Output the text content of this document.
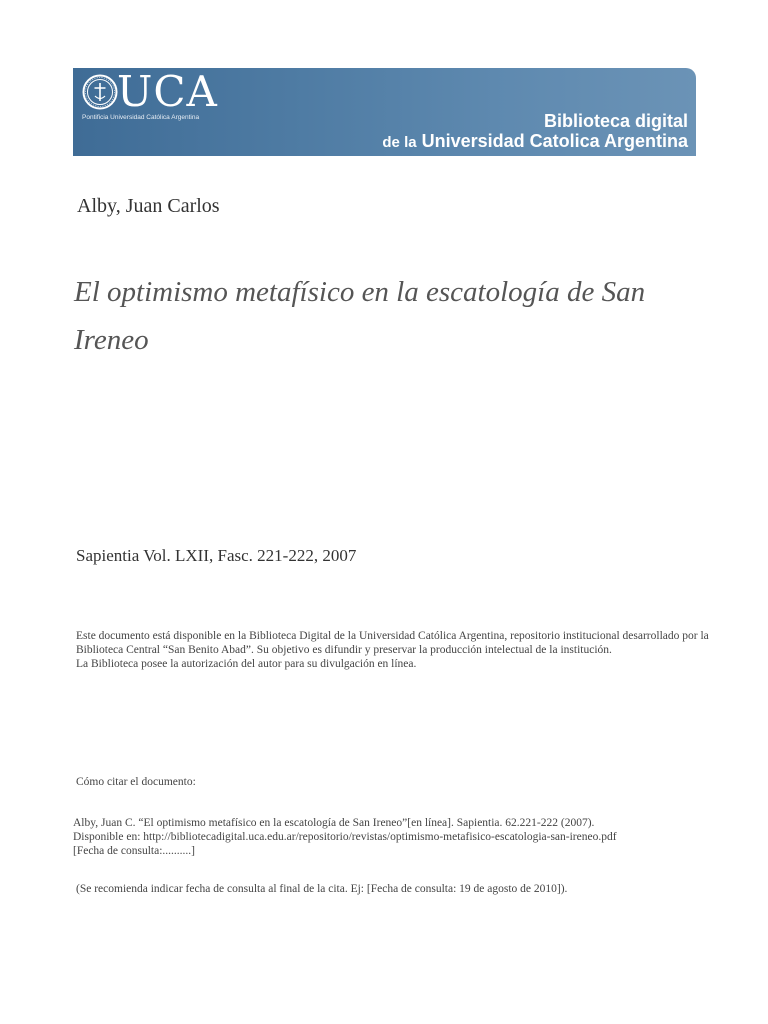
UCA
Pontificia Universidad Católica Argentina	Biblioteca digital
de la Universidad Catolica Argentina
Alby, Juan Carlos
El optimismo metafísico en la escatología de San Ireneo
Sapientia Vol. LXII, Fasc. 221-222, 2007

Este documento está disponible en la Biblioteca Digital de la Universidad Católica Argentina, repositorio institucional desarrollado por la Biblioteca Central “San Benito Abad”. Su objetivo es difundir y preservar la producción intelectual de la institución.

La Biblioteca posee la autorización del autor para su divulgación en línea.

Cómo citar el documento:
Alby, Juan C. “El optimismo metafísico en la escatología de San Ireneo”[en línea]. Sapientia. 62.221-222 (2007).
Disponible en: http://bibliotecadigital.uca.edu.ar/repositorio/revistas/optimismo-metafisico-escatologia-san-ireneo.pdf
[Fecha de consulta:..........]
(Se recomienda indicar fecha de consulta al final de la cita. Ej: [Fecha de consulta: 19 de agosto de 2010]).
